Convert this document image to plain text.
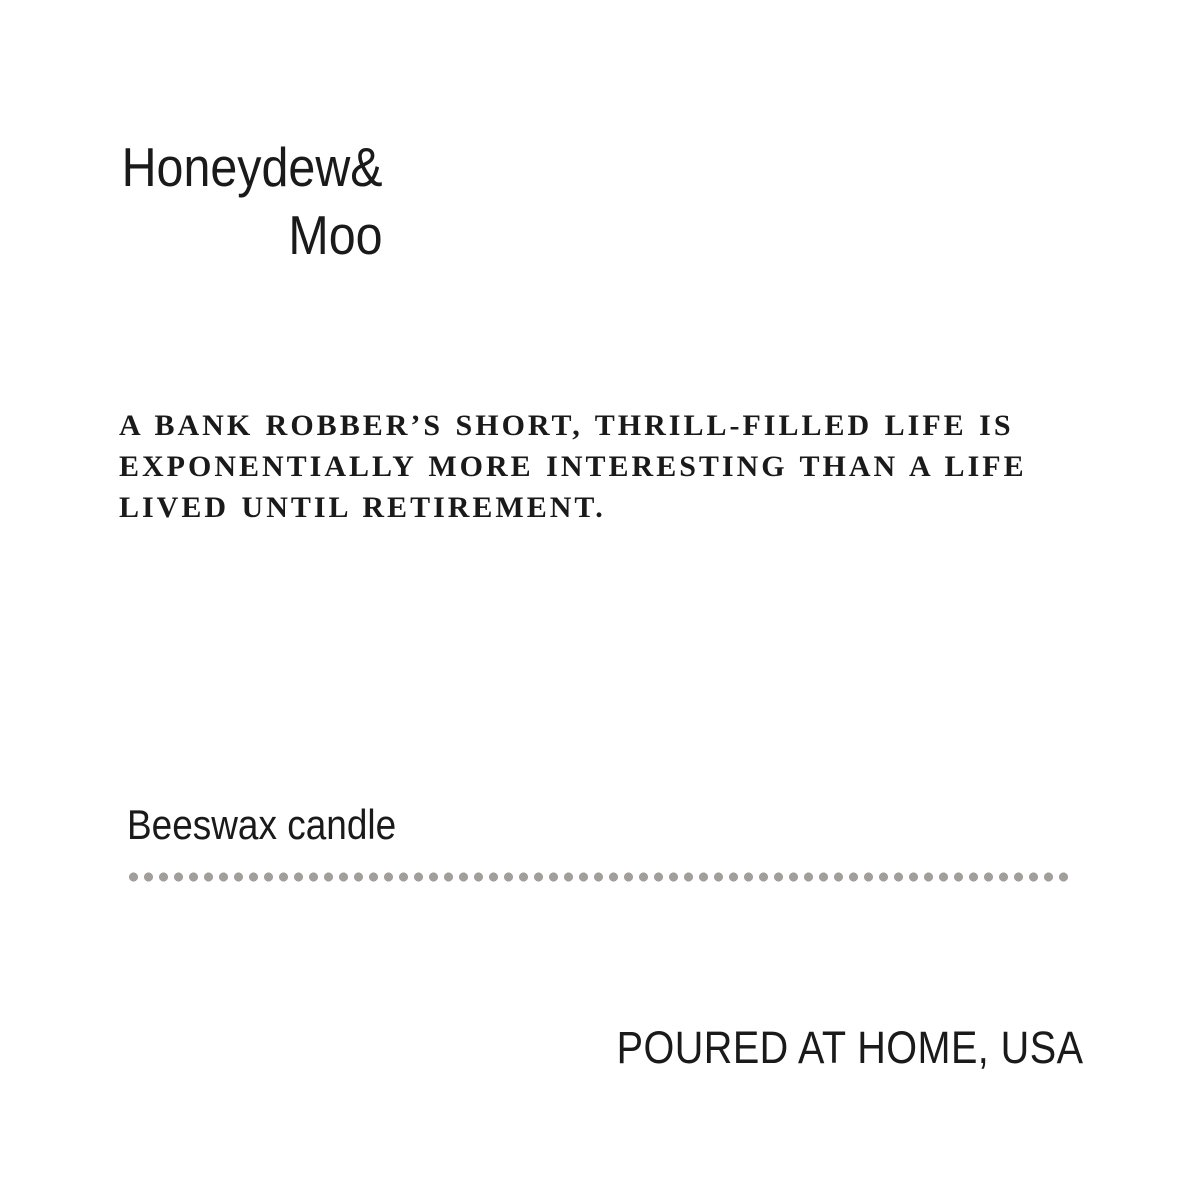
Honeydew&
Moo
A BANK ROBBER’S SHORT, THRILL-FILLED LIFE IS
EXPONENTIALLY MORE INTERESTING THAN A LIFE
LIVED UNTIL RETIREMENT.
Beeswax candle
POURED AT HOME, USA
